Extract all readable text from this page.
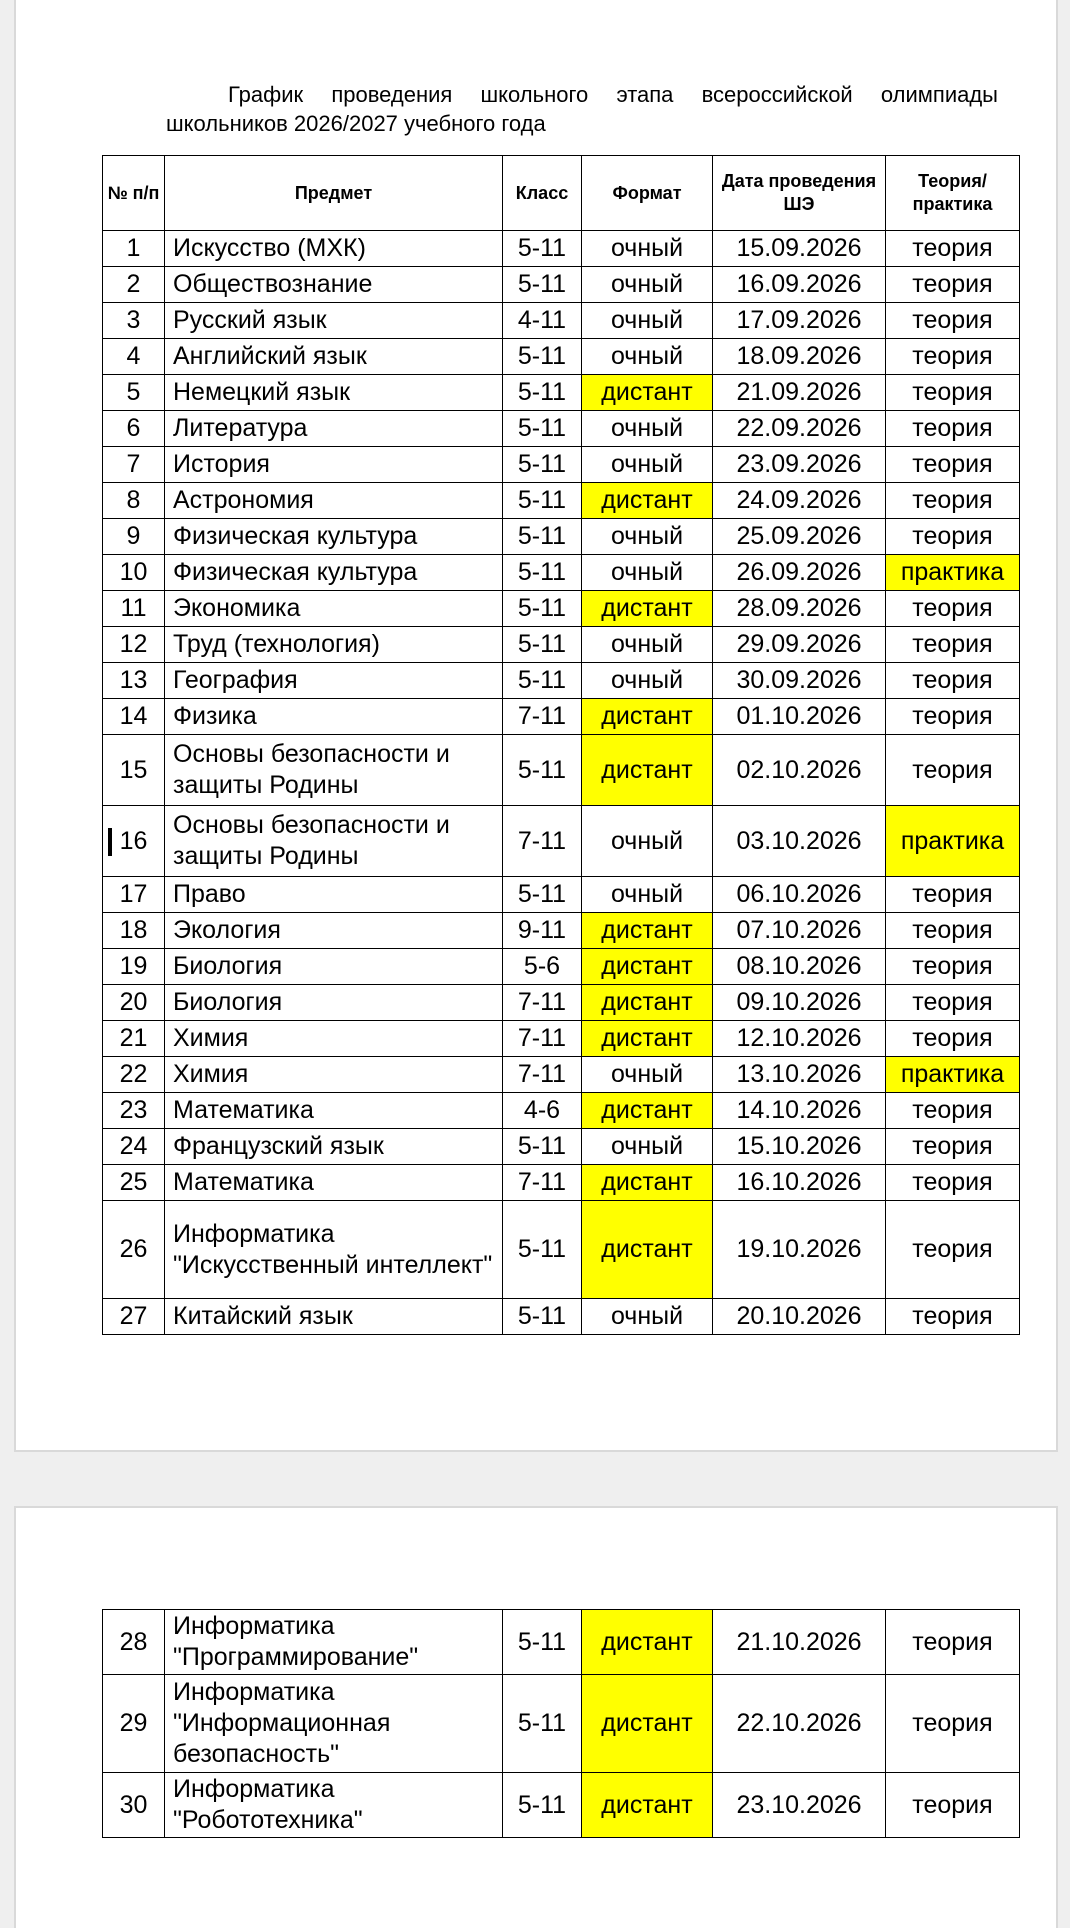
График проведения школьного этапа всероссийской олимпиады школьников 2026/2027 учебного года
№ п/п	Предмет	Класс	Формат	Дата проведения ШЭ	Теория/ практика
1	Искусство (МХК)	5-11	очный	15.09.2026	теория
2	Обществознание	5-11	очный	16.09.2026	теория
3	Русский язык	4-11	очный	17.09.2026	теория
4	Английский язык	5-11	очный	18.09.2026	теория
5	Немецкий язык	5-11	дистант	21.09.2026	теория
6	Литература	5-11	очный	22.09.2026	теория
7	История	5-11	очный	23.09.2026	теория
8	Астрономия	5-11	дистант	24.09.2026	теория
9	Физическая культура	5-11	очный	25.09.2026	теория
10	Физическая культура	5-11	очный	26.09.2026	практика
11	Экономика	5-11	дистант	28.09.2026	теория
12	Труд (технология)	5-11	очный	29.09.2026	теория
13	География	5-11	очный	30.09.2026	теория
14	Физика	7-11	дистант	01.10.2026	теория
15	Основы безопасности и защиты Родины	5-11	дистант	02.10.2026	теория
16	Основы безопасности и защиты Родины	7-11	очный	03.10.2026	практика
17	Право	5-11	очный	06.10.2026	теория
18	Экология	9-11	дистант	07.10.2026	теория
19	Биология	5-6	дистант	08.10.2026	теория
20	Биология	7-11	дистант	09.10.2026	теория
21	Химия	7-11	дистант	12.10.2026	теория
22	Химия	7-11	очный	13.10.2026	практика
23	Математика	4-6	дистант	14.10.2026	теория
24	Французский язык	5-11	очный	15.10.2026	теория
25	Математика	7-11	дистант	16.10.2026	теория
26	Информатика "Искусственный интеллект"	5-11	дистант	19.10.2026	теория
27	Китайский язык	5-11	очный	20.10.2026	теория
28	Информатика "Программирование"	5-11	дистант	21.10.2026	теория
29	Информатика "Информационная безопасность"	5-11	дистант	22.10.2026	теория
30	Информатика "Робототехника"	5-11	дистант	23.10.2026	теория
